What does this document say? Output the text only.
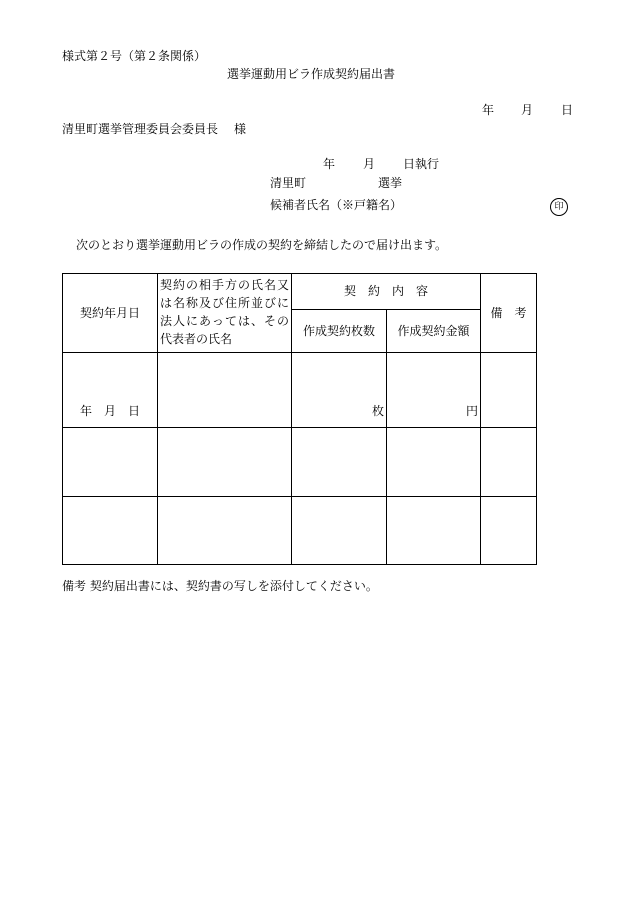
様式第２号（第２条関係）
選挙運動用ビラ作成契約届出書
年 月 日
清里町選挙管理委員会委員長 様
年 月 日執行
清里町	選挙
候補者氏名（※戸籍名）	印
次のとおり選挙運動用ビラの作成の契約を締結したので届け出ます。
契約年月日	契約の相手方の氏名又は名称及び住所並びに法人にあっては、その代表者の氏名	契　約　内　容		備　考
		作成契約枚数	作成契約金額	
年　月　日		枚	円	

備考 契約届出書には、契約書の写しを添付してください。
